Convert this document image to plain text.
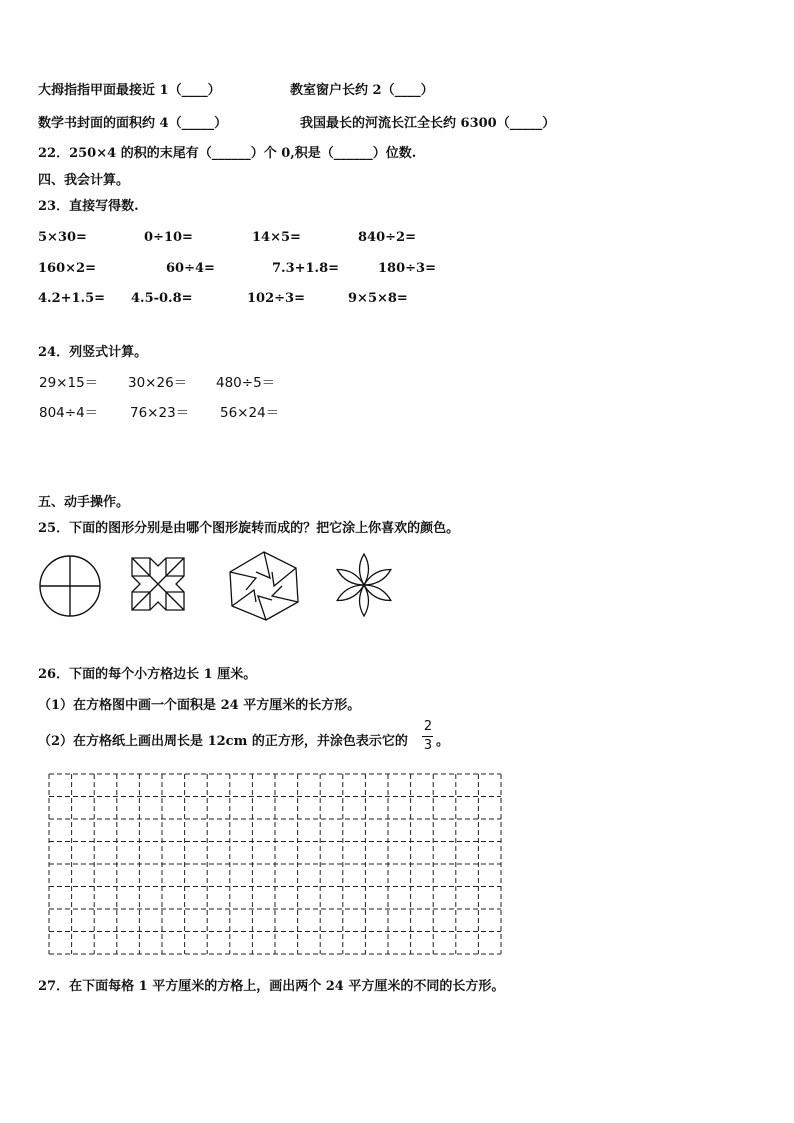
大拇指指甲面最接近 1（____）	教室窗户长约 2（____）
数学书封面的面积约 4（_____）	我国最长的河流长江全长约 6300（_____）
22．250×4 的积的末尾有（______）个 0,积是（______）位数.
四、我会计算。
23．直接写得数.
5×30=	0÷10=	14×5=	840÷2=
160×2=	60÷4=	7.3+1.8=	180÷3=
4.2+1.5= 4.5-0.8=	102÷3=	9×5×8=
24．列竖式计算。
29×15＝ 30×26＝ 480÷5＝
804÷4＝ 76×23＝ 56×24＝
五、动手操作。
25．下面的图形分别是由哪个图形旋转而成的？把它涂上你喜欢的颜色。
26．下面的每个小方格边长 1 厘米。
（1）在方格图中画一个面积是 24 平方厘米的长方形。
（2）在方格纸上画出周长是 12cm 的正方形，并涂色表示它的
2
3 。
27．在下面每格 1 平方厘米的方格上，画出两个 24 平方厘米的不同的长方形。
